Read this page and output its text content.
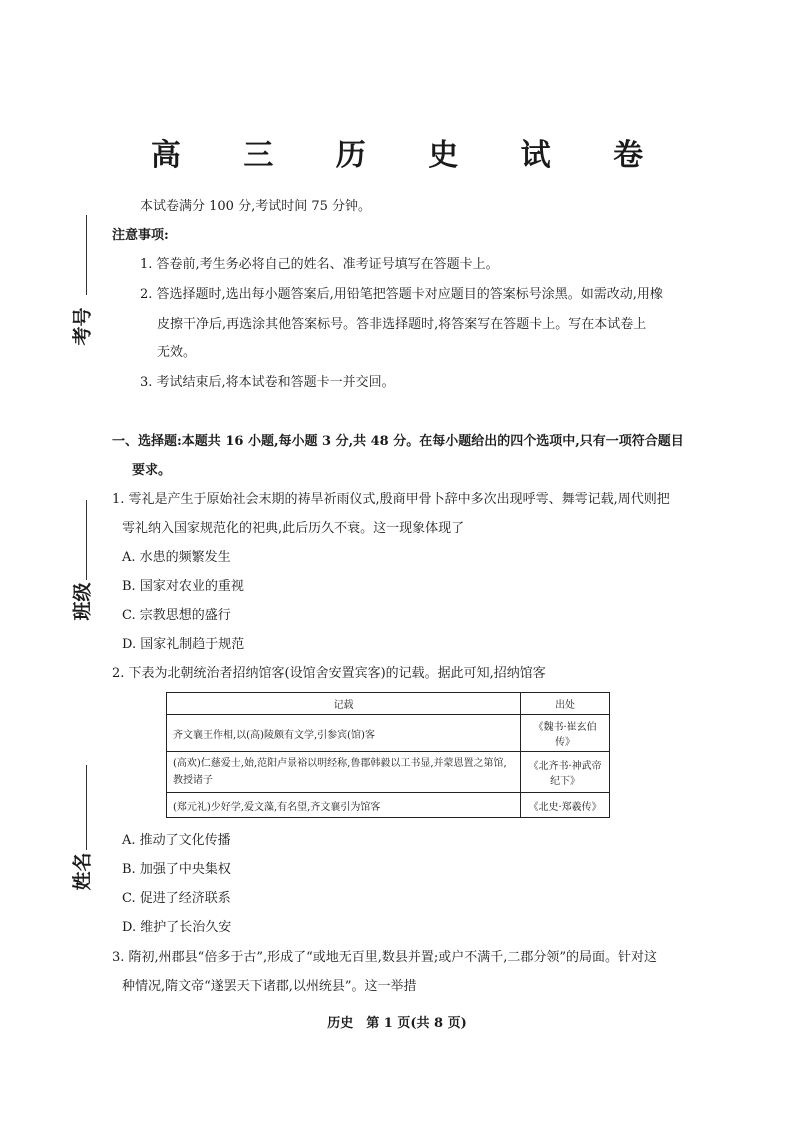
高 三 历 史 试 卷
本试卷满分 100 分,考试时间 75 分钟。
注意事项:
1. 答卷前,考生务必将自己的姓名、准考证号填写在答题卡上。
2. 答选择题时,选出每小题答案后,用铅笔把答题卡对应题目的答案标号涂黑。如需改动,用橡
皮擦干净后,再选涂其他答案标号。答非选择题时,将答案写在答题卡上。写在本试卷上
无效。
3. 考试结束后,将本试卷和答题卡一并交回。
考号
班级
姓名
一、选择题:本题共 16 小题,每小题 3 分,共 48 分。在每小题给出的四个选项中,只有一项符合题目
要求。
1. 雩礼是产生于原始社会末期的祷旱祈雨仪式,殷商甲骨卜辞中多次出现呼雩、舞雩记载,周代则把
雩礼纳入国家规范化的祀典,此后历久不衰。这一现象体现了
A. 水患的频繁发生
B. 国家对农业的重视
C. 宗教思想的盛行
D. 国家礼制趋于规范
2. 下表为北朝统治者招纳馆客(设馆舍安置宾客)的记载。据此可知,招纳馆客
记载	出处
齐文襄王作相,以(高)陵颇有文学,引参宾(馆)客	《魏书·崔玄伯传》
(高欢)仁慈爱士,始,范阳卢景裕以明经称,鲁郡韩毅以工书显,并蒙恩置之第馆,教授诸子	《北齐书·神武帝纪下》
(郑元礼)少好学,爱文藻,有名望,齐文襄引为馆客	《北史·郑羲传》
A. 推动了文化传播
B. 加强了中央集权
C. 促进了经济联系
D. 维护了长治久安
3. 隋初,州郡县“倍多于古”,形成了“或地无百里,数县并置;或户不满千,二郡分领”的局面。针对这
种情况,隋文帝“遂罢天下诸郡,以州统县”。这一举措
历史　第 1 页(共 8 页)
